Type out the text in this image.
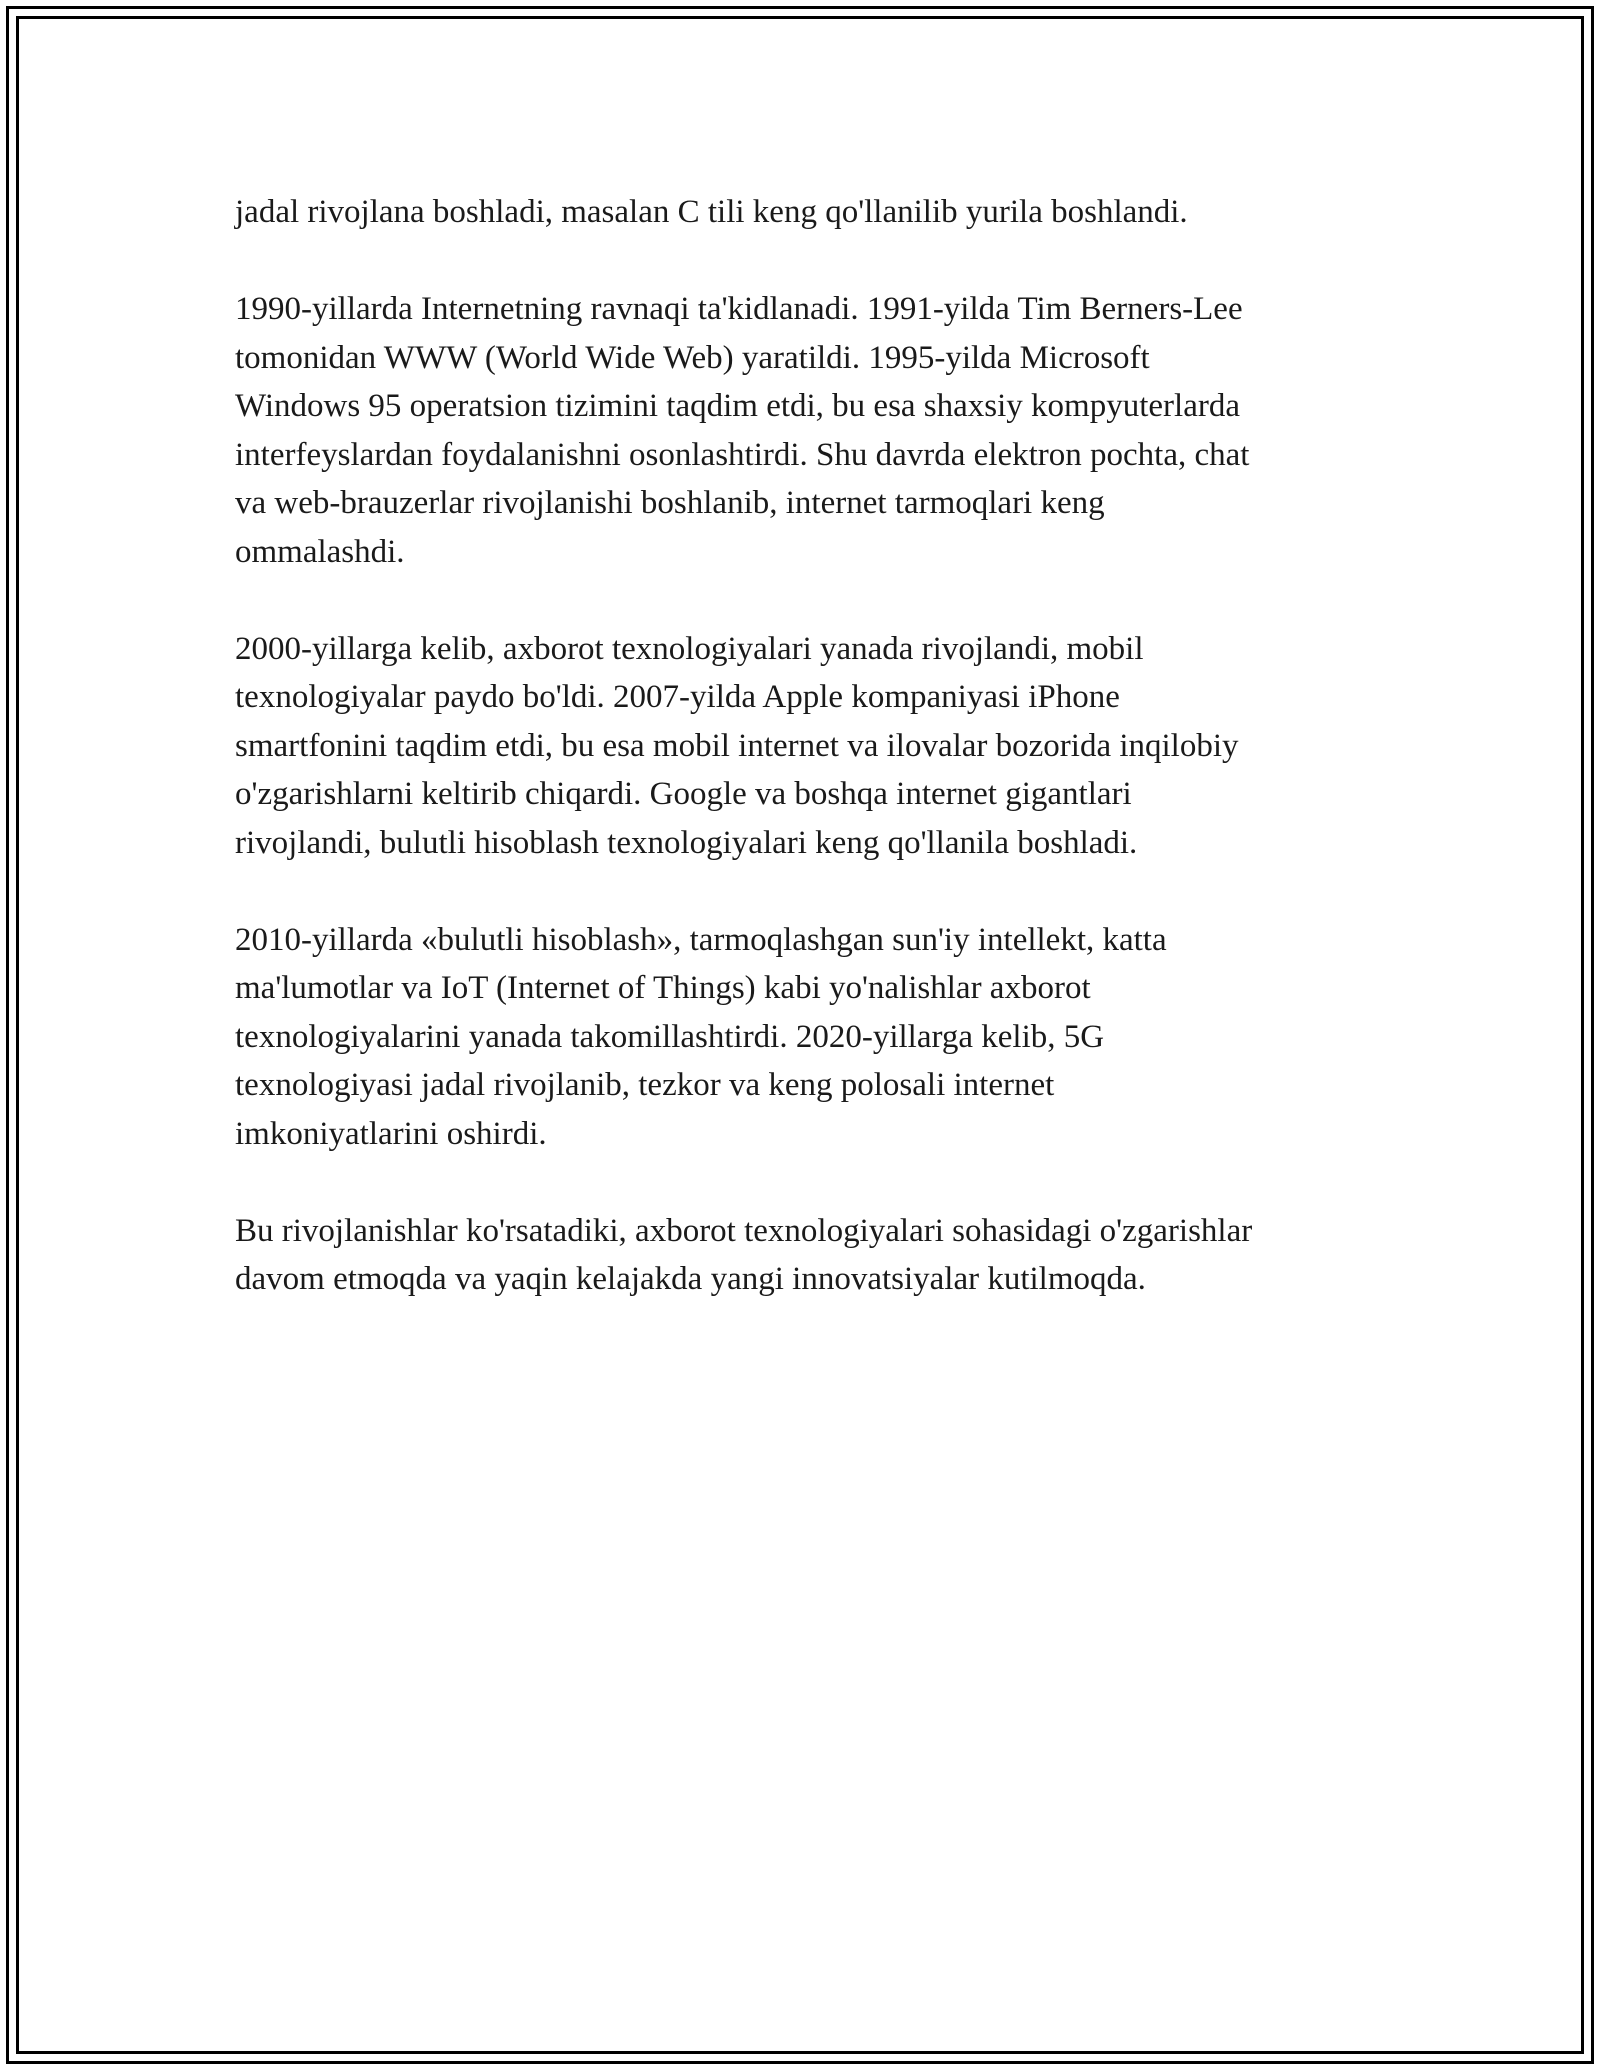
jadal rivojlana boshladi, masalan C tili keng qo'llanilib yurila boshlandi.

1990-yillarda Internetning ravnaqi ta'kidlanadi. 1991-yilda Tim Berners-Lee
tomonidan WWW (World Wide Web) yaratildi. 1995-yilda Microsoft
Windows 95 operatsion tizimini taqdim etdi, bu esa shaxsiy kompyuterlarda
interfeyslardan foydalanishni osonlashtirdi. Shu davrda elektron pochta, chat
va web-brauzerlar rivojlanishi boshlanib, internet tarmoqlari keng
ommalashdi.

2000-yillarga kelib, axborot texnologiyalari yanada rivojlandi, mobil
texnologiyalar paydo bo'ldi. 2007-yilda Apple kompaniyasi iPhone
smartfonini taqdim etdi, bu esa mobil internet va ilovalar bozorida inqilobiy
o'zgarishlarni keltirib chiqardi. Google va boshqa internet gigantlari
rivojlandi, bulutli hisoblash texnologiyalari keng qo'llanila boshladi.

2010-yillarda «bulutli hisoblash», tarmoqlashgan sun'iy intellekt, katta
ma'lumotlar va IoT (Internet of Things) kabi yo'nalishlar axborot
texnologiyalarini yanada takomillashtirdi. 2020-yillarga kelib, 5G
texnologiyasi jadal rivojlanib, tezkor va keng polosali internet
imkoniyatlarini oshirdi.

Bu rivojlanishlar ko'rsatadiki, axborot texnologiyalari sohasidagi o'zgarishlar
davom etmoqda va yaqin kelajakda yangi innovatsiyalar kutilmoqda.
